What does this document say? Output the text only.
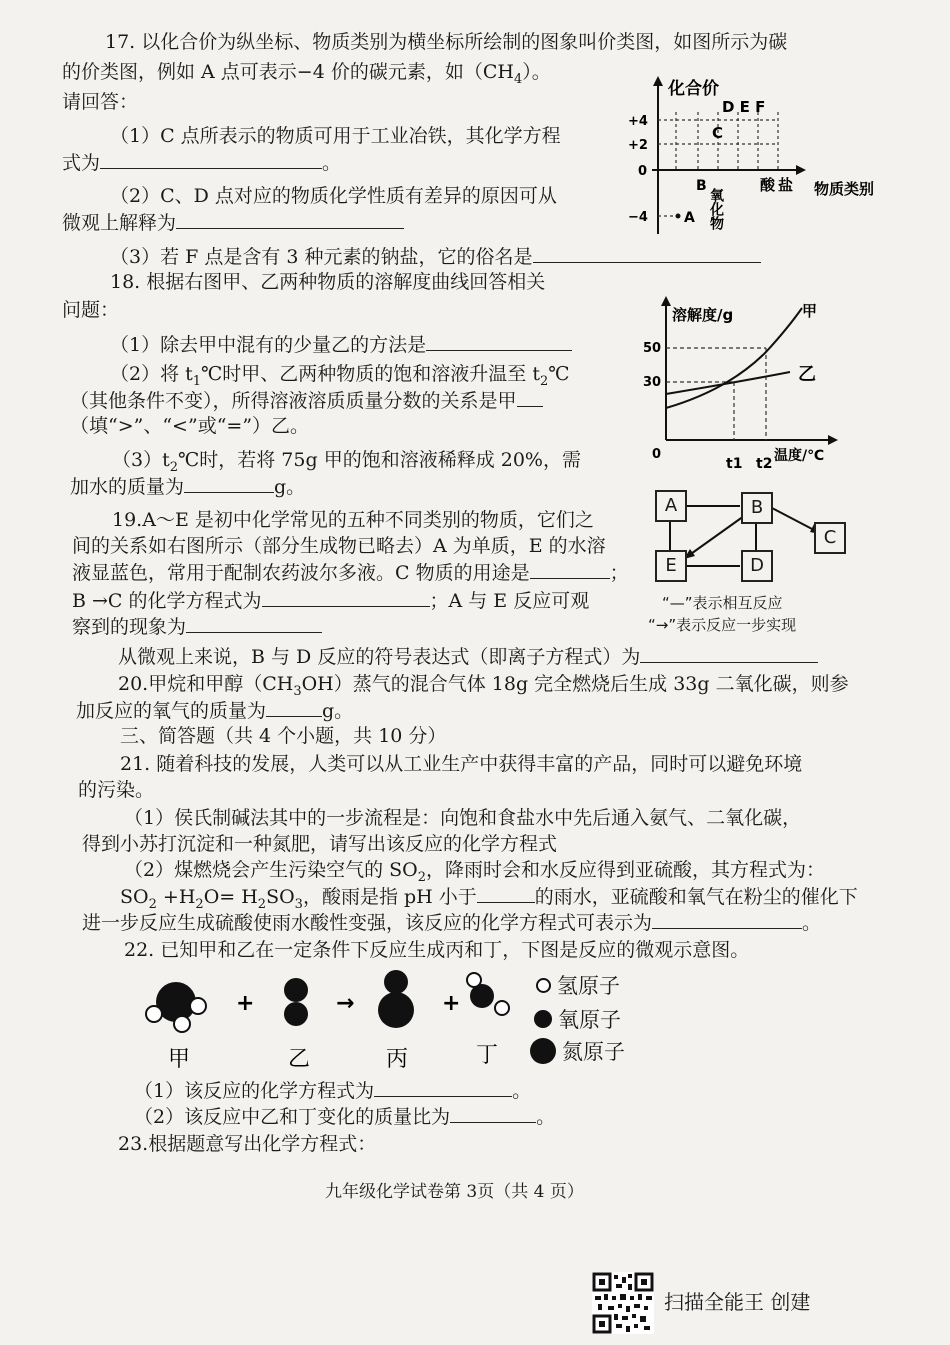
17. 以化合价为纵坐标、物质类别为横坐标所绘制的图象叫价类图，如图所示为碳
的价类图，例如 A 点可表示−4 价的碳元素，如$(CH_4)$。
请回答：
（1）C 点所表示的物质可用于工业冶铁，其化学方程
式为	。
（2）C、D 点对应的物质化学性质有差异的原因可从
微观上解释为
（3）若 F 点是含有 3 种元素的钠盐，它的俗名是
化合价
+4
+2
0
−4
D E F
C
B
A 氧化物
酸 盐 物质类别
18. 根据右图甲、乙两种物质的溶解度曲线回答相关
问题：
（1）除去甲中混有的少量乙的方法是
（2）将 $t_1℃$时甲、乙两种物质的饱和溶液升温至 $t_2℃$
（其他条件不变），所得溶液溶质质量分数的关系是甲
（填“>”、“<”或“=”）乙。
$(3)t_2℃$时，若将 75g 甲的饱和溶液稀释成 20%，需
加水的质量为	g。
溶解度/g
50
30
0
t1 t2 温度/℃
甲
乙
19.A～E 是初中化学常见的五种不同类别的物质，它们之
间的关系如右图所示（部分生成物已略去）A 为单质，E 的水溶
液显蓝色，常用于配制农药波尔多液。C 物质的用途是	；
B →C 的化学方程式为	；A 与 E 反应可观
察到的现象为
从微观上来说，B 与 D 反应的符号表达式（即离子方程式）为
A	B
C
D
E
“—”表示相互反应
“→”表示反应一步实现
20.甲烷和甲醇$(CH_3OH)$蒸气的混合气体 18g 完全燃烧后生成 33g 二氧化碳，则参
加反应的氧气的质量为	g。
三、简答题（共 4 个小题，共 10 分）
21. 随着科技的发展，人类可以从工业生产中获得丰富的产品，同时可以避免环境
的污染。
（1）侯氏制碱法其中的一步流程是：向饱和食盐水中先后通入氨气、二氧化碳，
得到小苏打沉淀和一种氮肥，请写出该反应的化学方程式
（2）煤燃烧会产生污染空气的 $SO_2$，降雨时会和水反应得到亚硫酸，其方程式为：
$SO_2 +H_2O= H_2SO_3$，酸雨是指 pH 小于	的雨水，亚硫酸和氧气在粉尘的催化下
进一步反应生成硫酸使雨水酸性变强，该反应的化学方程式可表示为	。
22. 已知甲和乙在一定条件下反应生成丙和丁，下图是反应的微观示意图。
+	→	+
甲	乙	丙	丁
氢原子
氧原子
氮原子
（1）该反应的化学方程式为	。
（2）该反应中乙和丁变化的质量比为	。
23.根据题意写出化学方程式：
九年级化学试卷第 3页（共 4 页）
扫描全能王 创建
